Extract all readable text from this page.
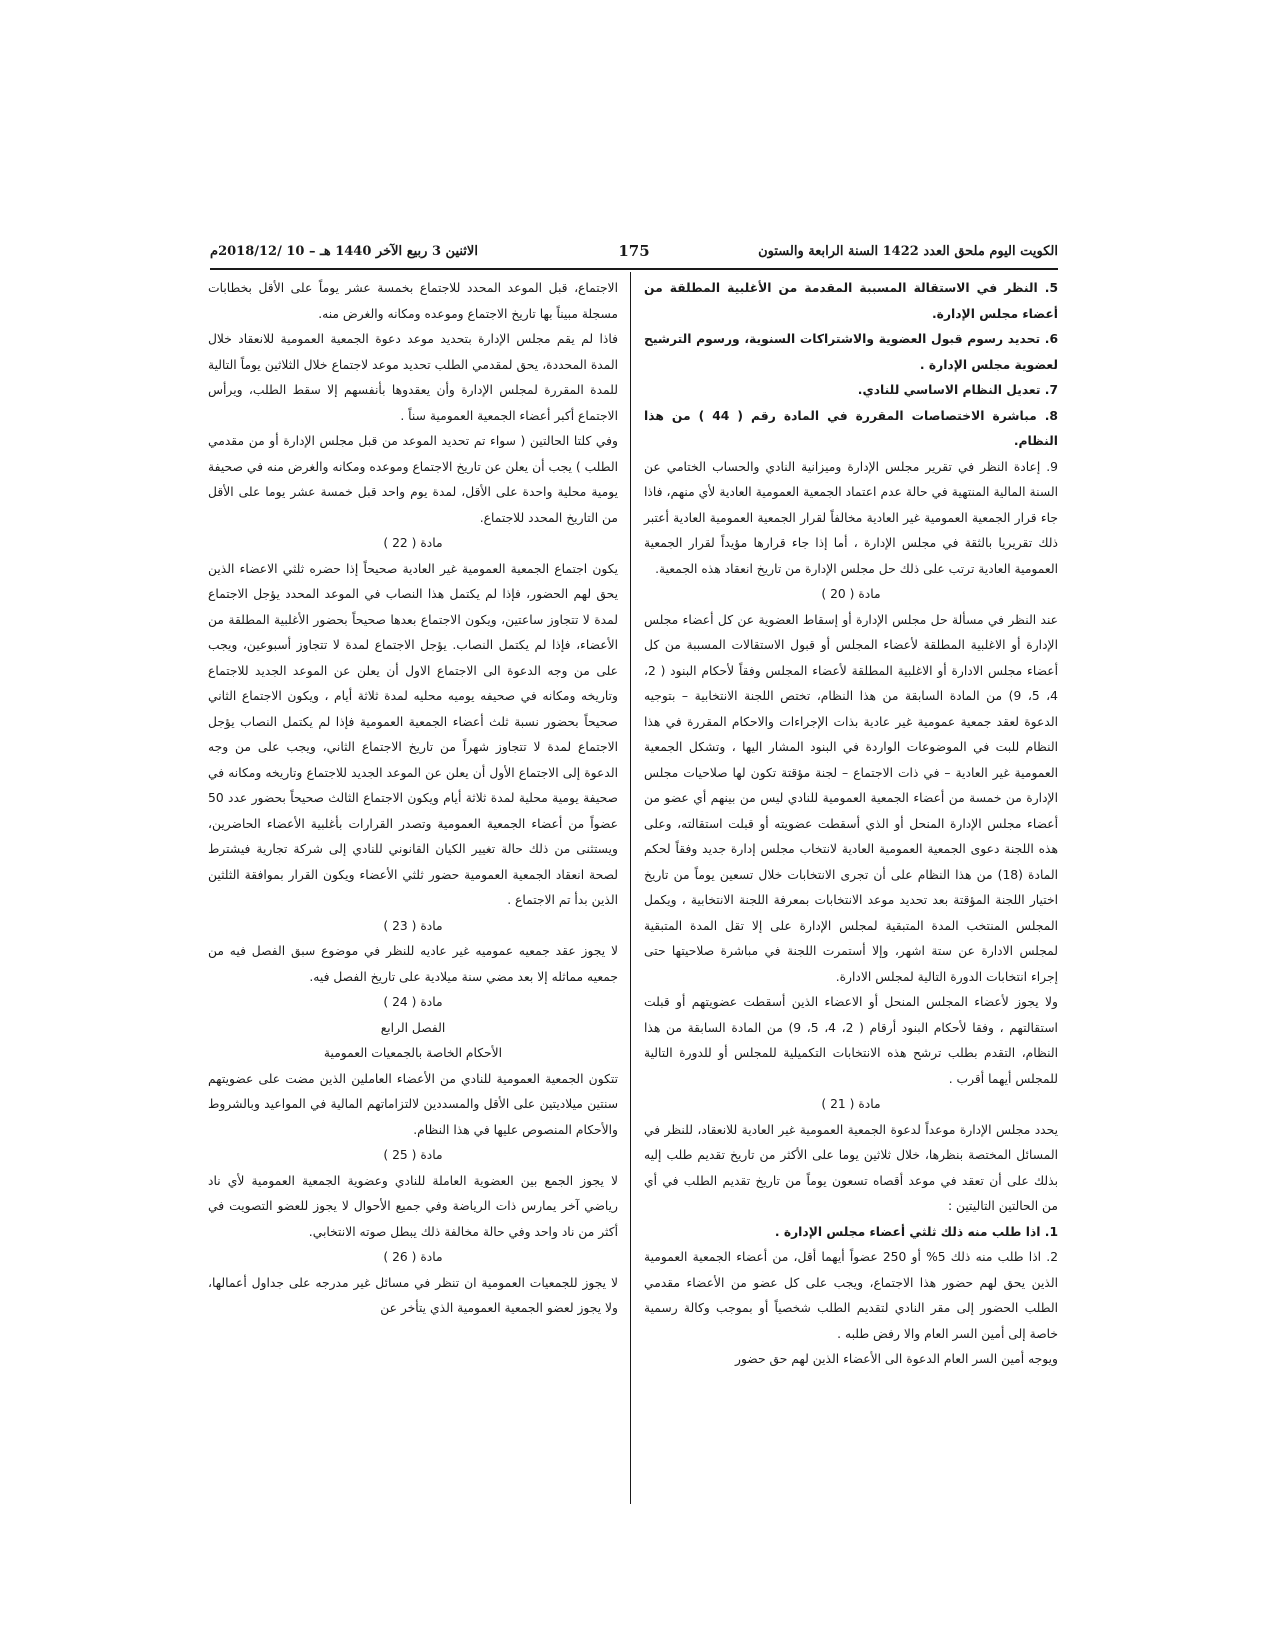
الكويت اليوم ملحق العدد 1422 السنة الرابعة والستون
175
الاثنين 3 ربيع الآخر 1440 هـ – 10 /2018/12م

5. النظر في الاستقالة المسببة المقدمة من الأغلبية المطلقة من أعضاء مجلس الإدارة.

6. تحديد رسوم قبول العضوية والاشتراكات السنوية، ورسوم الترشيح لعضوية مجلس الإدارة .

7. تعديل النظام الاساسي للنادي.

8. مباشرة الاختصاصات المقررة في المادة رقم ( 44 ) من هذا النظام.

9. إعادة النظر في تقرير مجلس الإدارة وميزانية النادي والحساب الختامي عن السنة المالية المنتهية في حالة عدم اعتماد الجمعية العمومية العادية لأي منهم، فاذا جاء قرار الجمعية العمومية غير العادية مخالفاً لقرار الجمعية العمومية العادية أعتبر ذلك تقريريا بالثقة في مجلس الإدارة ، أما إذا جاء قرارها مؤيداً لقرار الجمعية العمومية العادية ترتب على ذلك حل مجلس الإدارة من تاريخ انعقاد هذه الجمعية.

مادة ( 20 )

عند النظر في مسألة حل مجلس الإدارة أو إسقاط العضوية عن كل أعضاء مجلس الإدارة أو الاغلبية المطلقة لأعضاء المجلس أو قبول الاستقالات المسببة من كل أعضاء مجلس الادارة أو الاغلبية المطلقة لأعضاء المجلس وفقاً لأحكام البنود ( 2، 4، 5، 9) من المادة السابقة من هذا النظام، تختص اللجنة الانتخابية – بتوجيه الدعوة لعقد جمعية عمومية غير عادية بذات الإجراءات والاحكام المقررة في هذا النظام للبت في الموضوعات الواردة في البنود المشار اليها ، وتشكل الجمعية العمومية غير العادية – في ذات الاجتماع – لجنة مؤقتة تكون لها صلاحيات مجلس الإدارة من خمسة من أعضاء الجمعية العمومية للنادي ليس من بينهم أي عضو من أعضاء مجلس الإدارة المنحل أو الذي أسقطت عضويته أو قبلت استقالته، وعلى هذه اللجنة دعوى الجمعية العمومية العادية لانتخاب مجلس إدارة جديد وفقاً لحكم المادة (18) من هذا النظام على أن تجرى الانتخابات خلال تسعين يوماً من تاريخ اختيار اللجنة المؤقتة بعد تحديد موعد الانتخابات بمعرفة اللجنة الانتخابية ، ويكمل المجلس المنتخب المدة المتبقية لمجلس الإدارة على إلا تقل المدة المتبقية لمجلس الادارة عن ستة اشهر، وإلا أستمرت اللجنة في مباشرة صلاحيتها حتى إجراء انتخابات الدورة التالية لمجلس الادارة.

ولا يجوز لأعضاء المجلس المنحل أو الاعضاء الذين أسقطت عضويتهم أو قبلت استقالتهم ، وفقا لأحكام البنود أرقام ( 2، 4، 5، 9) من المادة السابقة من هذا النظام، التقدم بطلب ترشح هذه الانتخابات التكميلية للمجلس أو للدورة التالية للمجلس أيهما أقرب .

مادة ( 21 )

يحدد مجلس الإدارة موعداً لدعوة الجمعية العمومية غير العادية للانعقاد، للنظر في المسائل المختصة بنظرها، خلال ثلاثين يوما على الأكثر من تاريخ تقديم طلب إليه بذلك على أن تعقد في موعد أقصاه تسعون يوماً من تاريخ تقديم الطلب في أي من الحالتين التاليتين :

1. اذا طلب منه ذلك ثلثي أعضاء مجلس الإدارة .

2. اذا طلب منه ذلك 5% أو 250 عضواً أيهما أقل، من أعضاء الجمعية العمومية الذين يحق لهم حضور هذا الاجتماع، ويجب على كل عضو من الأعضاء مقدمي الطلب الحضور إلى مقر النادي لتقديم الطلب شخصياً أو بموجب وكالة رسمية خاصة إلى أمين السر العام والا رفض طلبه .

ويوجه أمين السر العام الدعوة الى الأعضاء الذين لهم حق حضور

الاجتماع، قبل الموعد المحدد للاجتماع بخمسة عشر يوماً على الأقل بخطابات مسجلة مبيناً بها تاريخ الاجتماع وموعده ومكانه والغرض منه.

فاذا لم يقم مجلس الإدارة بتحديد موعد دعوة الجمعية العمومية للانعقاد خلال المدة المحددة، يحق لمقدمي الطلب تحديد موعد لاجتماع خلال الثلاثين يوماً التالية للمدة المقررة لمجلس الإدارة وأن يعقدوها بأنفسهم إلا سقط الطلب، ويرأس الاجتماع أكبر أعضاء الجمعية العمومية سناً .

وفي كلتا الحالتين ( سواء تم تحديد الموعد من قبل مجلس الإدارة أو من مقدمي الطلب ) يجب أن يعلن عن تاريخ الاجتماع وموعده ومكانه والغرض منه في صحيفة يومية محلية واحدة على الأقل، لمدة يوم واحد قبل خمسة عشر يوما على الأقل من التاريخ المحدد للاجتماع.

مادة ( 22 )

يكون اجتماع الجمعية العمومية غير العادية صحيحاً إذا حضره ثلثي الاعضاء الذين يحق لهم الحضور، فإذا لم يكتمل هذا النصاب في الموعد المحدد يؤجل الاجتماع لمدة لا تتجاوز ساعتين، ويكون الاجتماع بعدها صحيحاً بحضور الأغلبية المطلقة من الأعضاء، فإذا لم يكتمل النصاب. يؤجل الاجتماع لمدة لا تتجاوز أسبوعين، ويجب على من وجه الدعوة الى الاجتماع الاول أن يعلن عن الموعد الجديد للاجتماع وتاريخه ومكانه في صحيفه يوميه محليه لمدة ثلاثة أيام ، ويكون الاجتماع الثاني صحيحاً بحضور نسبة ثلث أعضاء الجمعية العمومية فإذا لم يكتمل النصاب يؤجل الاجتماع لمدة لا تتجاوز شهراً من تاريخ الاجتماع الثاني، ويجب على من وجه الدعوة إلى الاجتماع الأول أن يعلن عن الموعد الجديد للاجتماع وتاريخه ومكانه في صحيفة يومية محلية لمدة ثلاثة أيام ويكون الاجتماع الثالث صحيحاً بحضور عدد 50 عضواً من أعضاء الجمعية العمومية وتصدر القرارات بأغلبية الأعضاء الحاضرين، ويستثنى من ذلك حالة تغيير الكيان القانوني للنادي إلى شركة تجارية فيشترط لصحة انعقاد الجمعية العمومية حضور ثلثي الأعضاء ويكون القرار بموافقة الثلثين الذين بدأ تم الاجتماع .

مادة ( 23 )

لا يجوز عقد جمعيه عموميه غير عاديه للنظر في موضوع سبق الفصل فيه من جمعيه مماثله إلا بعد مضي سنة ميلادية على تاريخ الفصل فيه.

مادة ( 24 )

الفصل الرابع

الأحكام الخاصة بالجمعيات العمومية

تتكون الجمعية العمومية للنادي من الأعضاء العاملين الذين مضت على عضويتهم سنتين ميلاديتين على الأقل والمسددين لالتزاماتهم المالية في المواعيد وبالشروط والأحكام المنصوص عليها في هذا النظام.

مادة ( 25 )

لا يجوز الجمع بين العضوية العاملة للنادي وعضوية الجمعية العمومية لأي ناد رياضي آخر يمارس ذات الرياضة وفي جميع الأحوال لا يجوز للعضو التصويت في أكثر من ناد واحد وفي حالة مخالفة ذلك يبطل صوته الانتخابي.

مادة ( 26 )

لا يجوز للجمعيات العمومية ان تنظر في مسائل غير مدرجه على جداول أعمالها، ولا يجوز لعضو الجمعية العمومية الذي يتأخر عن
